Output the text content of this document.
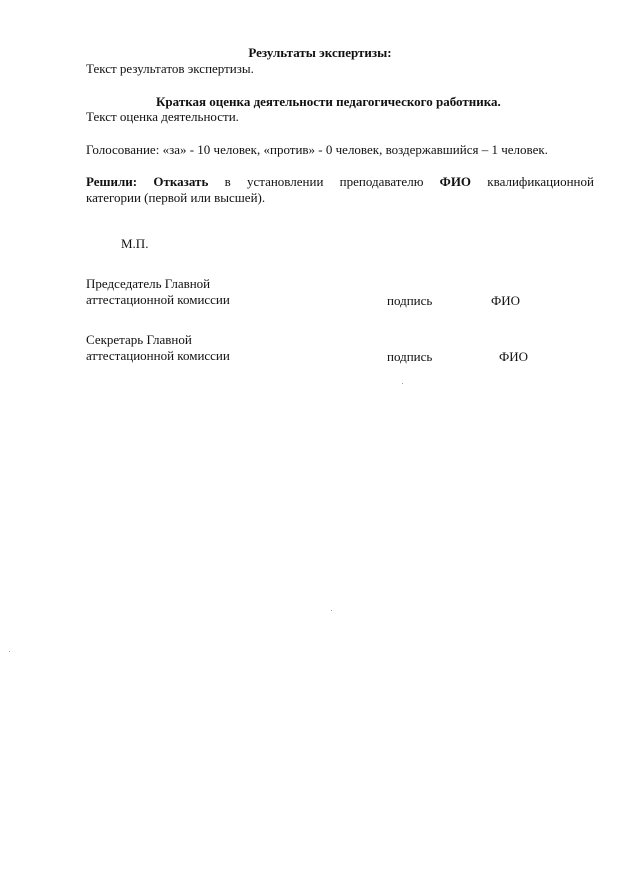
Результаты экспертизы:
Текст результатов экспертизы.
Краткая оценка деятельности педагогического работника.
Текст оценка деятельности.
Голосование: «за» - 10 человек, «против» - 0 человек, воздержавшийся – 1 человек.
Решили: Отказать в установлении преподавателю ФИО квалификационной
категории (первой или высшей).
М.П.
Председатель Главной
аттестационной комиссии	подпись	ФИО
Секретарь Главной
аттестационной комиссии	подпись	ФИО
